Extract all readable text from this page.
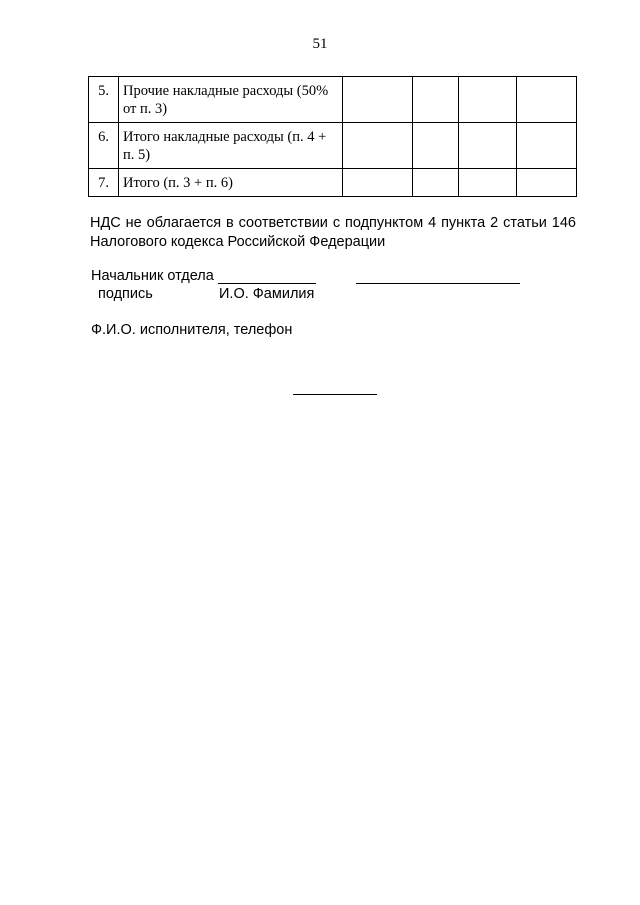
51
5.	Прочие накладные расходы (50% от п. 3)				
6.	Итого накладные расходы (п. 4 + п. 5)				
7.	Итого (п. 3 + п. 6)				
НДС не облагается в соответствии с подпунктом 4 пункта 2 статьи 146 Налогового кодекса Российской Федерации
Начальник отдела
подпись	И.О. Фамилия
Ф.И.О. исполнителя, телефон
